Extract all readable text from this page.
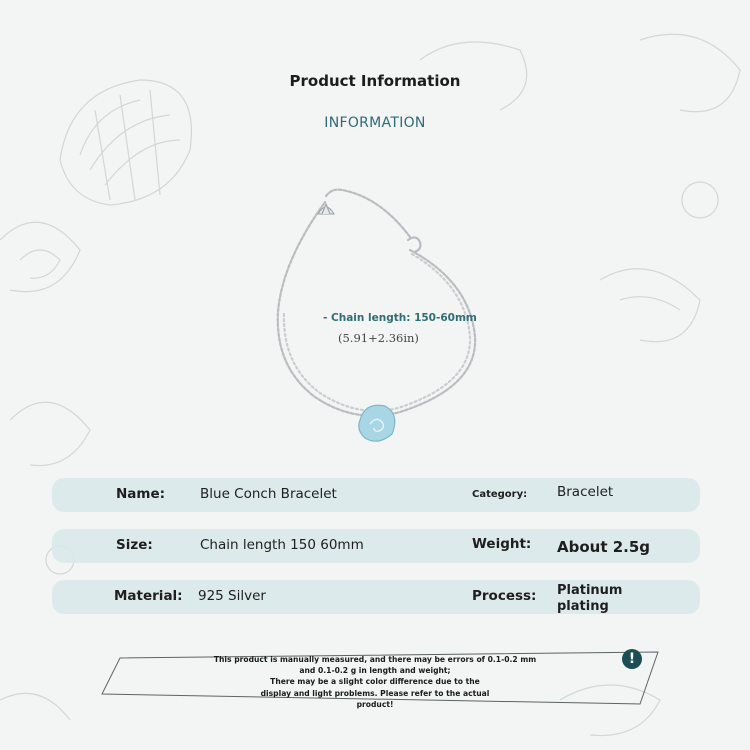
Product Information
INFORMATION
- Chain length: 150-60mm
(5.91+2.36in)
Name:	Blue Conch Bracelet	Category: Bracelet
Size:	Chain length 150 60mm	Weight: About 2.5g
Material: 925 Silver	Process: Platinum
plating
This product is manually measured, and there may be errors of 0.1-0.2 mm
and 0.1-0.2 g in length and weight;
There may be a slight color difference due to the
display and light problems. Please refer to the actual
product!
!
